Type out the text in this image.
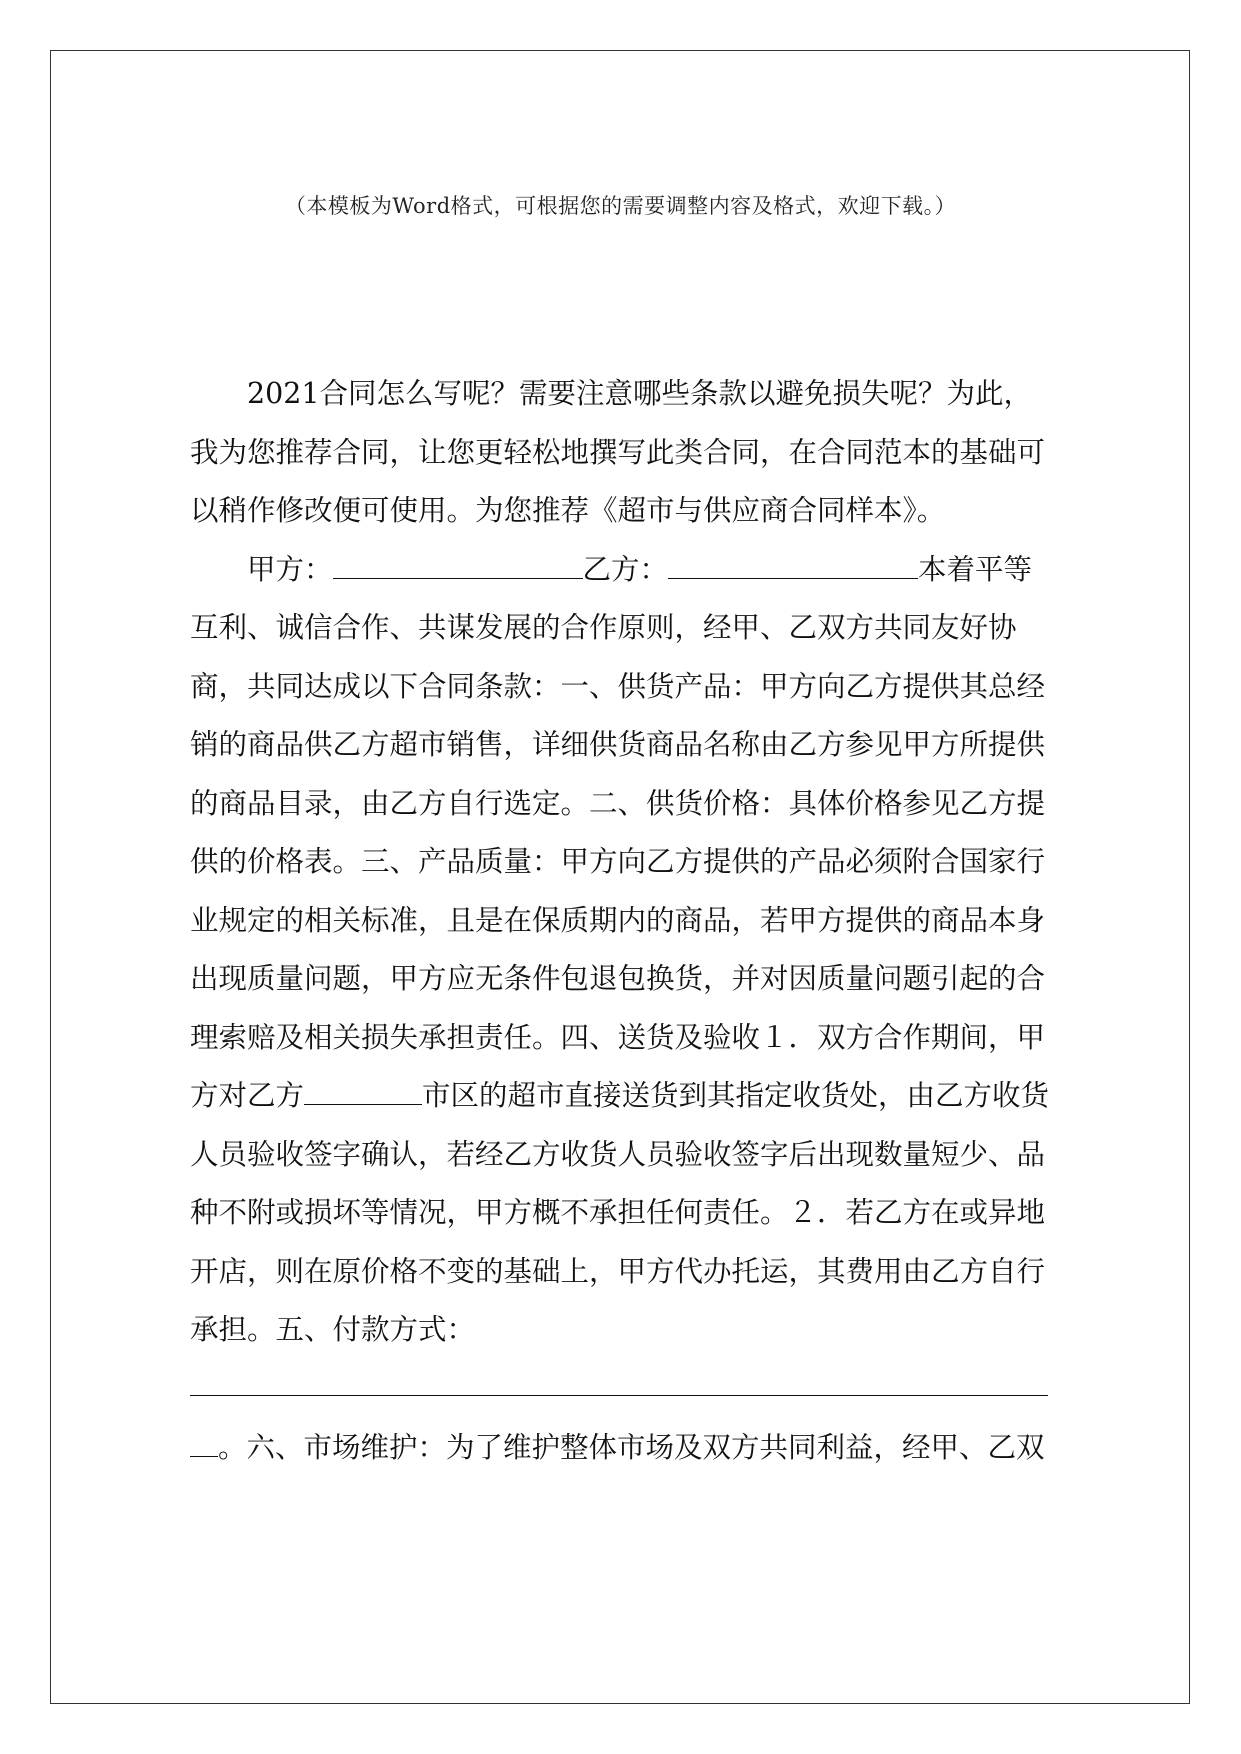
（本模板为Word格式，可根据您的需要调整内容及格式，欢迎下载。）

2021合同怎么写呢？需要注意哪些条款以避免损失呢？为此，我为您推荐合同，让您更轻松地撰写此类合同，在合同范本的基础可以稍作修改便可使用。为您推荐《超市与供应商合同样本》。

甲方：	乙方：	本着平等互利、诚信合作、共谋发展的合作原则，经甲、乙双方共同友好协商，共同达成以下合同条款：一、供货产品：甲方向乙方提供其总经销的商品供乙方超市销售，详细供货商品名称由乙方参见甲方所提供的商品目录，由乙方自行选定。二、供货价格：具体价格参见乙方提供的价格表。三、产品质量：甲方向乙方提供的产品必须附合国家行业规定的相关标准，且是在保质期内的商品，若甲方提供的商品本身出现质量问题，甲方应无条件包退包换货，并对因质量问题引起的合理索赔及相关损失承担责任。四、送货及验收１．双方合作期间，甲方对乙方	市区的超市直接送货到其指定收货处，由乙方收货人员验收签字确认，若经乙方收货人员验收签字后出现数量短少、品种不附或损坏等情况，甲方概不承担任何责任。２．若乙方在或异地开店，则在原价格不变的基础上，甲方代办托运，其费用由乙方自行承担。五、付款方式：
。六、市场维护：为了维护整体市场及双方共同利益，经甲、乙双
